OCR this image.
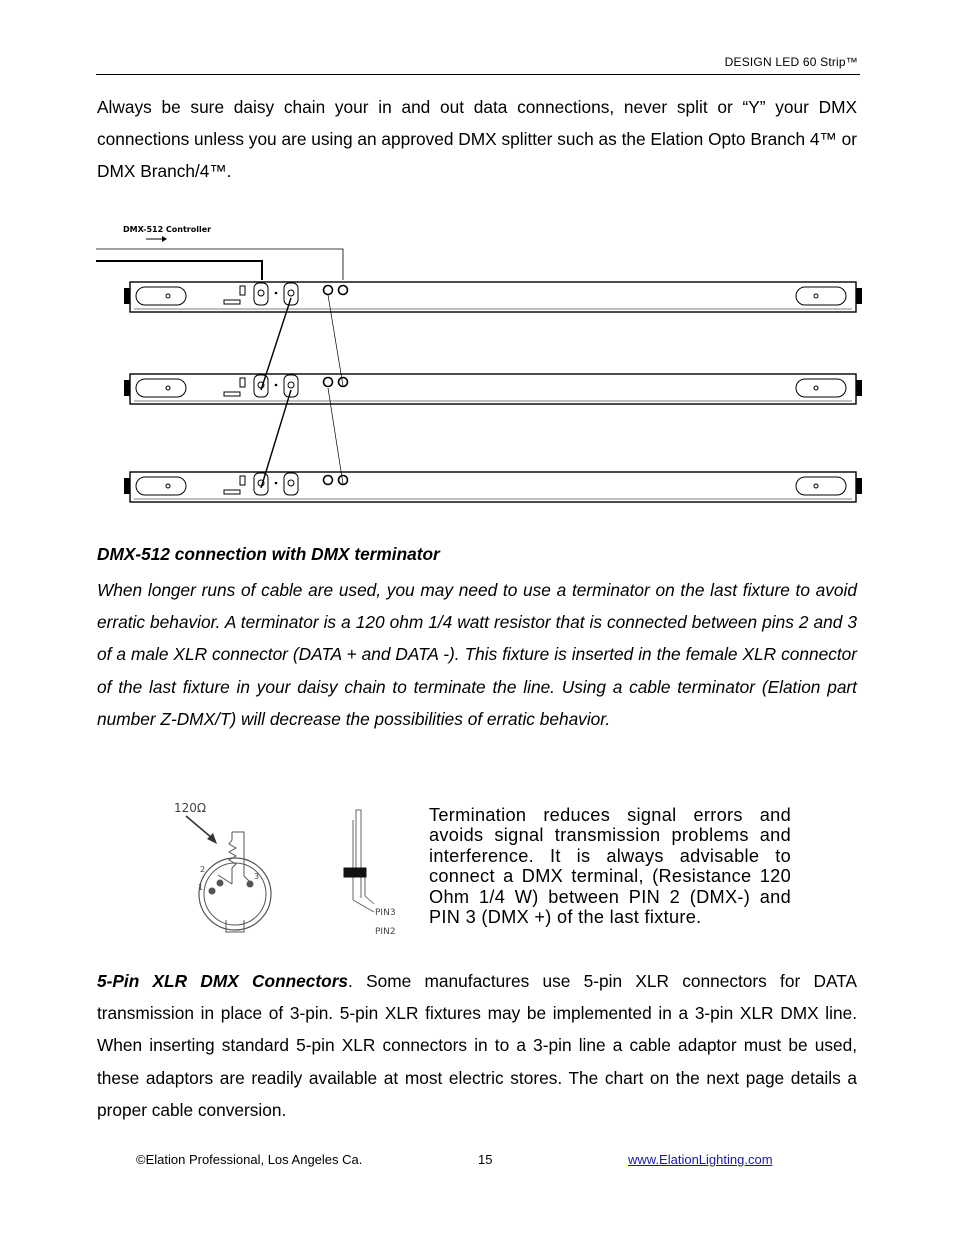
DESIGN LED 60 Strip™

Always be sure daisy chain your in and out data connections, never split or “Y” your DMX connections unless you are using an approved DMX splitter such as the Elation Opto Branch 4™ or DMX Branch/4™.

DMX-512 Controller
DMX-512 connection with DMX terminator

When longer runs of cable are used, you may need to use a terminator on the last fixture to avoid erratic behavior. A terminator is a 120 ohm 1/4 watt resistor that is connected between pins 2 and 3 of a male XLR connector (DATA + and DATA -). This fixture is inserted in the female XLR connector of the last fixture in your daisy chain to terminate the line. Using a cable terminator (Elation part number Z-DMX/T) will decrease the possibilities of erratic behavior.

120Ω
1
2
3
PIN3
PIN2
Termination reduces signal errors and avoids signal transmission problems and interference. It is always advisable to connect a DMX terminal, (Resistance 120 Ohm 1/4 W) between PIN 2 (DMX-) and PIN 3 (DMX +) of the last fixture.

5-Pin XLR DMX Connectors. Some manufactures use 5-pin XLR connectors for DATA transmission in place of 3-pin. 5-pin XLR fixtures may be implemented in a 3-pin XLR DMX line. When inserting standard 5-pin XLR connectors in to a 3-pin line a cable adaptor must be used, these adaptors are readily available at most electric stores. The chart on the next page details a proper cable conversion.

©Elation Professional, Los Angeles Ca.	15	www.ElationLighting.com
